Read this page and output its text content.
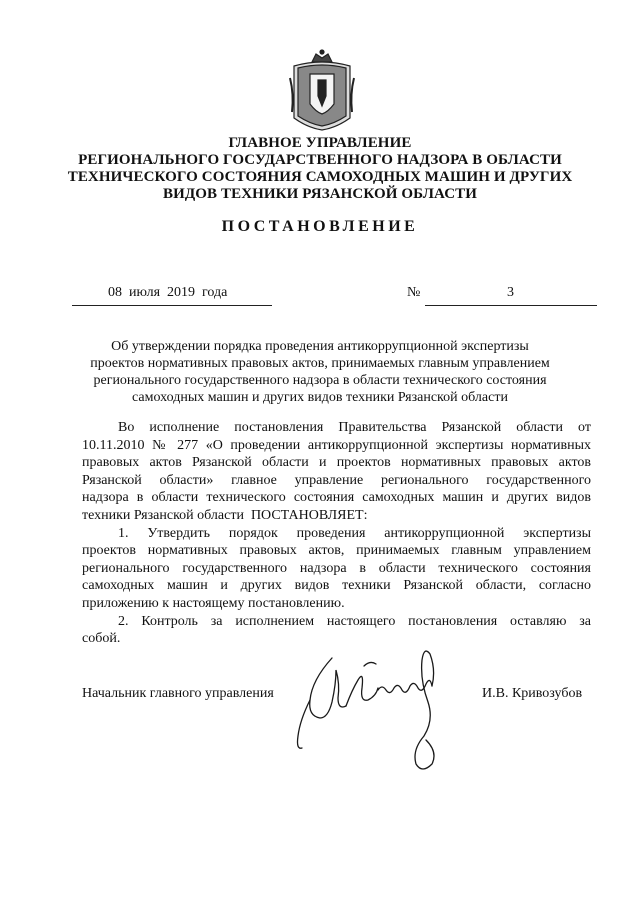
ГЛАВНОЕ УПРАВЛЕНИЕ
РЕГИОНАЛЬНОГО ГОСУДАРСТВЕННОГО НАДЗОРА В ОБЛАСТИ
ТЕХНИЧЕСКОГО СОСТОЯНИЯ САМОХОДНЫХ МАШИН И ДРУГИХ
ВИДОВ ТЕХНИКИ РЯЗАНСКОЙ ОБЛАСТИ
ПОСТАНОВЛЕНИЕ
08  июля  2019  года	№	3
Об утверждении порядка проведения антикоррупционной экспертизы
проектов нормативных правовых актов, принимаемых главным управлением
регионального государственного надзора в области технического состояния
самоходных машин и других видов техники Рязанской области

Во исполнение постановления Правительства Рязанской области от

10.11.2010 № 277 «О проведении антикоррупционной экспертизы нормативных

правовых актов Рязанской области и проектов нормативных правовых актов

Рязанской области» главное управление регионального государственного

надзора в области технического состояния самоходных машин и других видов

техники Рязанской области  ПОСТАНОВЛЯЕТ:

1. Утвердить порядок проведения антикоррупционной экспертизы

проектов нормативных правовых актов, принимаемых главным управлением

регионального государственного надзора в области технического состояния

самоходных машин и других видов техники Рязанской области, согласно

приложению к настоящему постановлению.

2. Контроль за исполнением настоящего постановления оставляю за

собой.

Начальник главного управления	И.В. Кривозубов
